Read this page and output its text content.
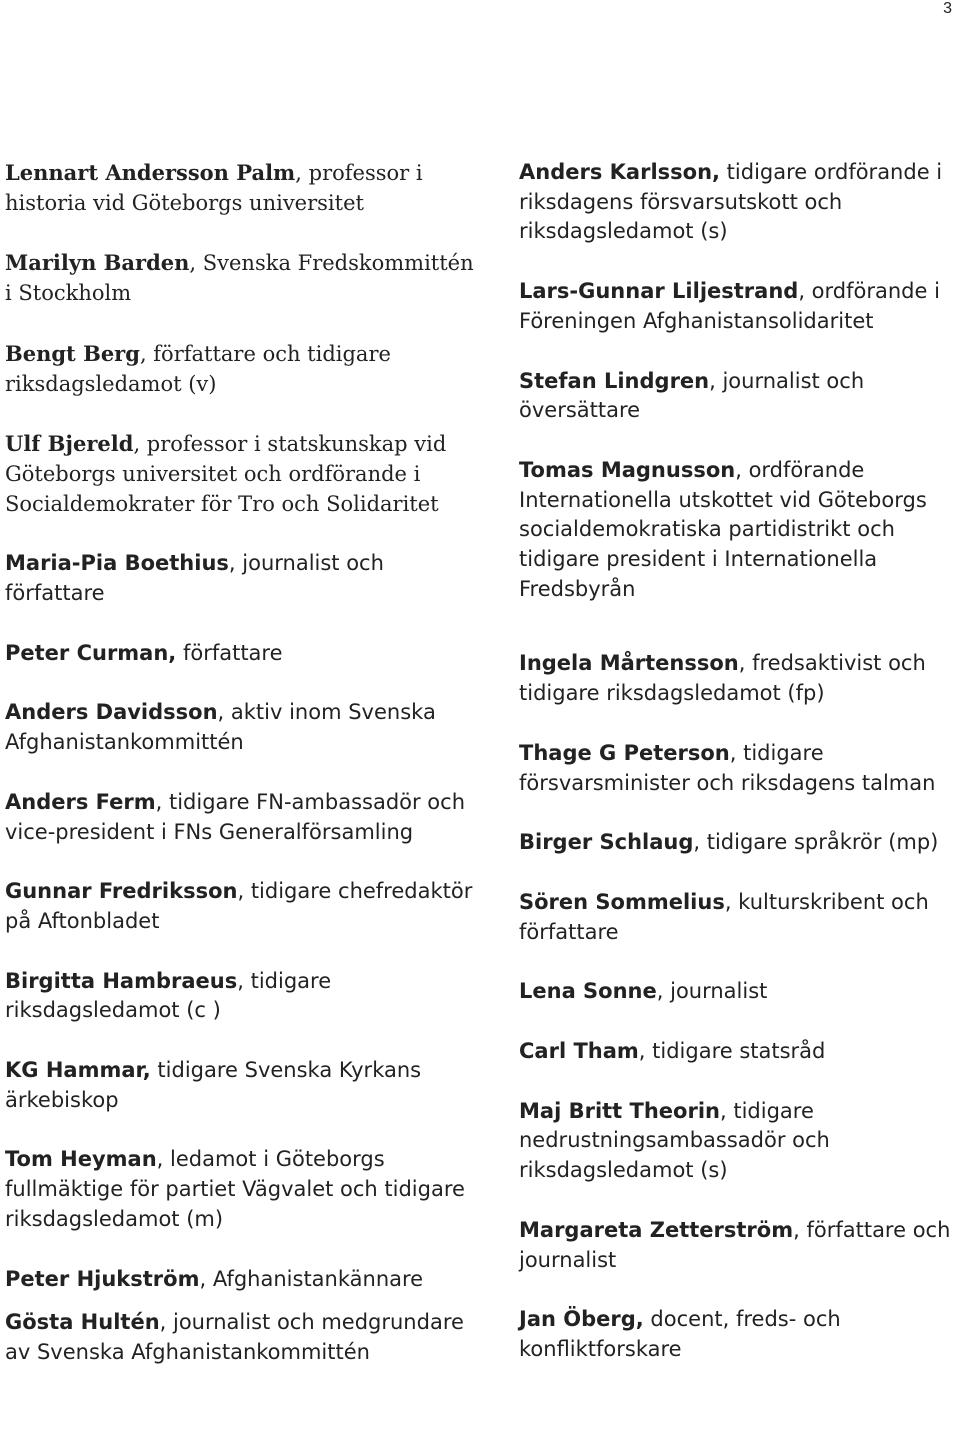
3

Lennart Andersson Palm, professor i historia vid Göteborgs universitet

Marilyn Barden, Svenska Fredskommittén i Stockholm

Bengt Berg, författare och tidigare riksdagsledamot (v)

Ulf Bjereld, professor i statskunskap vid Göteborgs universitet och ordförande i Socialdemokrater för Tro och Solidaritet

Maria-Pia Boethius, journalist och författare

Peter Curman, författare

Anders Davidsson, aktiv inom Svenska Afghanistankommittén

Anders Ferm, tidigare FN-ambassadör och vice-president i FNs Generalförsamling

Gunnar Fredriksson, tidigare chefredaktör på Aftonbladet

Birgitta Hambraeus, tidigare riksdagsledamot (c )

KG Hammar, tidigare Svenska Kyrkans ärkebiskop

Tom Heyman, ledamot i Göteborgs fullmäktige för partiet Vägvalet och tidigare riksdagsledamot (m)

Peter Hjukström, Afghanistankännare

Gösta Hultén, journalist och medgrundare av Svenska Afghanistankommittén

Anders Karlsson, tidigare ordförande i riksdagens försvarsutskott och riksdagsledamot (s)

Lars-Gunnar Liljestrand, ordförande i Föreningen Afghanistansolidaritet

Stefan Lindgren, journalist och översättare

Tomas Magnusson, ordförande Internationella utskottet vid Göteborgs socialdemokratiska partidistrikt och tidigare president i Internationella Fredsbyrån

Ingela Mårtensson, fredsaktivist och tidigare riksdagsledamot (fp)

Thage G Peterson, tidigare försvarsminister och riksdagens talman

Birger Schlaug, tidigare språkrör (mp)

Sören Sommelius, kulturskribent och författare

Lena Sonne, journalist

Carl Tham, tidigare statsråd

Maj Britt Theorin, tidigare nedrustningsambassadör och riksdagsledamot (s)

Margareta Zetterström, författare och journalist

Jan Öberg, docent, freds- och konfliktforskare
